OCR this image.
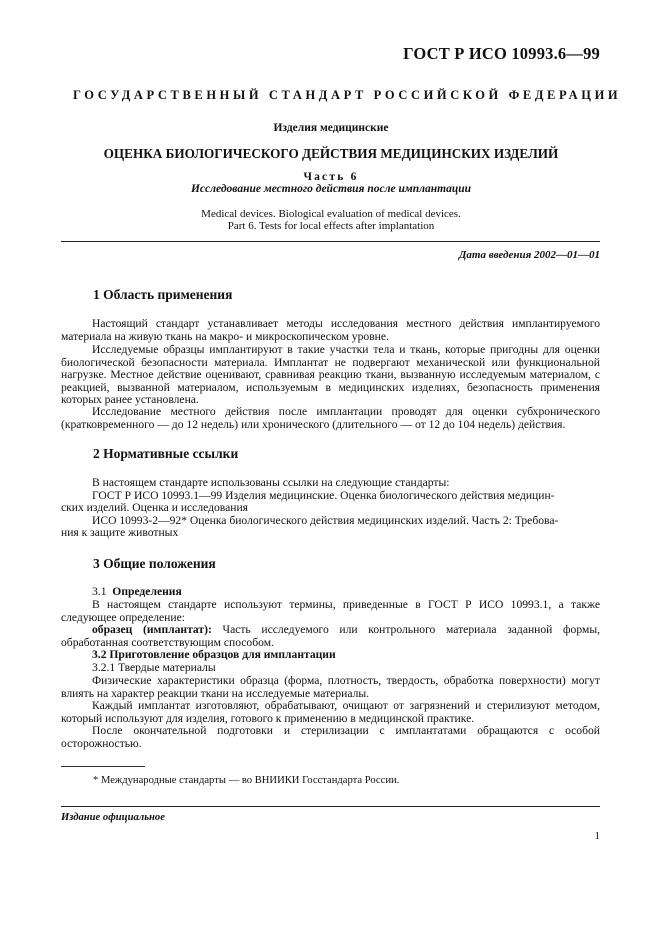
ГОСТ Р ИСО 10993.6—99
ГОСУДАРСТВЕННЫЙ СТАНДАРТ РОССИЙСКОЙ ФЕДЕРАЦИИ
Изделия медицинские
ОЦЕНКА БИОЛОГИЧЕСКОГО ДЕЙСТВИЯ МЕДИЦИНСКИХ ИЗДЕЛИЙ
Часть 6
Исследование местного действия после имплантации
Medical devices. Biological evaluation of medical devices.
Part 6. Tests for local effects after implantation
Дата введения 2002—01—01
1 Область применения

Настоящий стандарт устанавливает методы исследования местного действия имплантируемого материала на живую ткань на макро- и микроскопическом уровне.

Исследуемые образцы имплантируют в такие участки тела и ткань, которые пригодны для оценки биологической безопасности материала. Имплантат не подвергают механической или функциональной нагрузке. Местное действие оценивают, сравнивая реакцию ткани, вызванную исследуемым материалом, с реакцией, вызванной материалом, используемым в медицинских изделиях, безопасность применения которых ранее установлена.

Исследование местного действия после имплантации проводят для оценки субхронического (кратковременного — до 12 недель) или хронического (длительного — от 12 до 104 недель) действия.

2 Нормативные ссылки
В настоящем стандарте использованы ссылки на следующие стандарты:
ГОСТ Р ИСО 10993.1—99 Изделия медицинские. Оценка биологического действия медицин-
ских изделий. Оценка и исследования
ИСО 10993-2—92* Оценка биологического действия медицинских изделий. Часть 2: Требова-
ния к защите животных
3 Общие положения
3.1 Определения

В настоящем стандарте используют термины, приведенные в ГОСТ Р ИСО 10993.1, а также следующее определение:

образец (имплантат): Часть исследуемого или контрольного материала заданной формы, обработанная соответствующим способом.

3.2 Приготовление образцов для имплантации
3.2.1 Твердые материалы

Физические характеристики образца (форма, плотность, твердость, обработка поверхности) могут влиять на характер реакции ткани на исследуемые материалы.

Каждый имплантат изготовляют, обрабатывают, очищают от загрязнений и стерилизуют методом, который используют для изделия, готового к применению в медицинской практике.

После окончательной подготовки и стерилизации с имплантатами обращаются с особой осторожностью.

* Международные стандарты — во ВНИИКИ Госстандарта России.
Издание официальное
1
